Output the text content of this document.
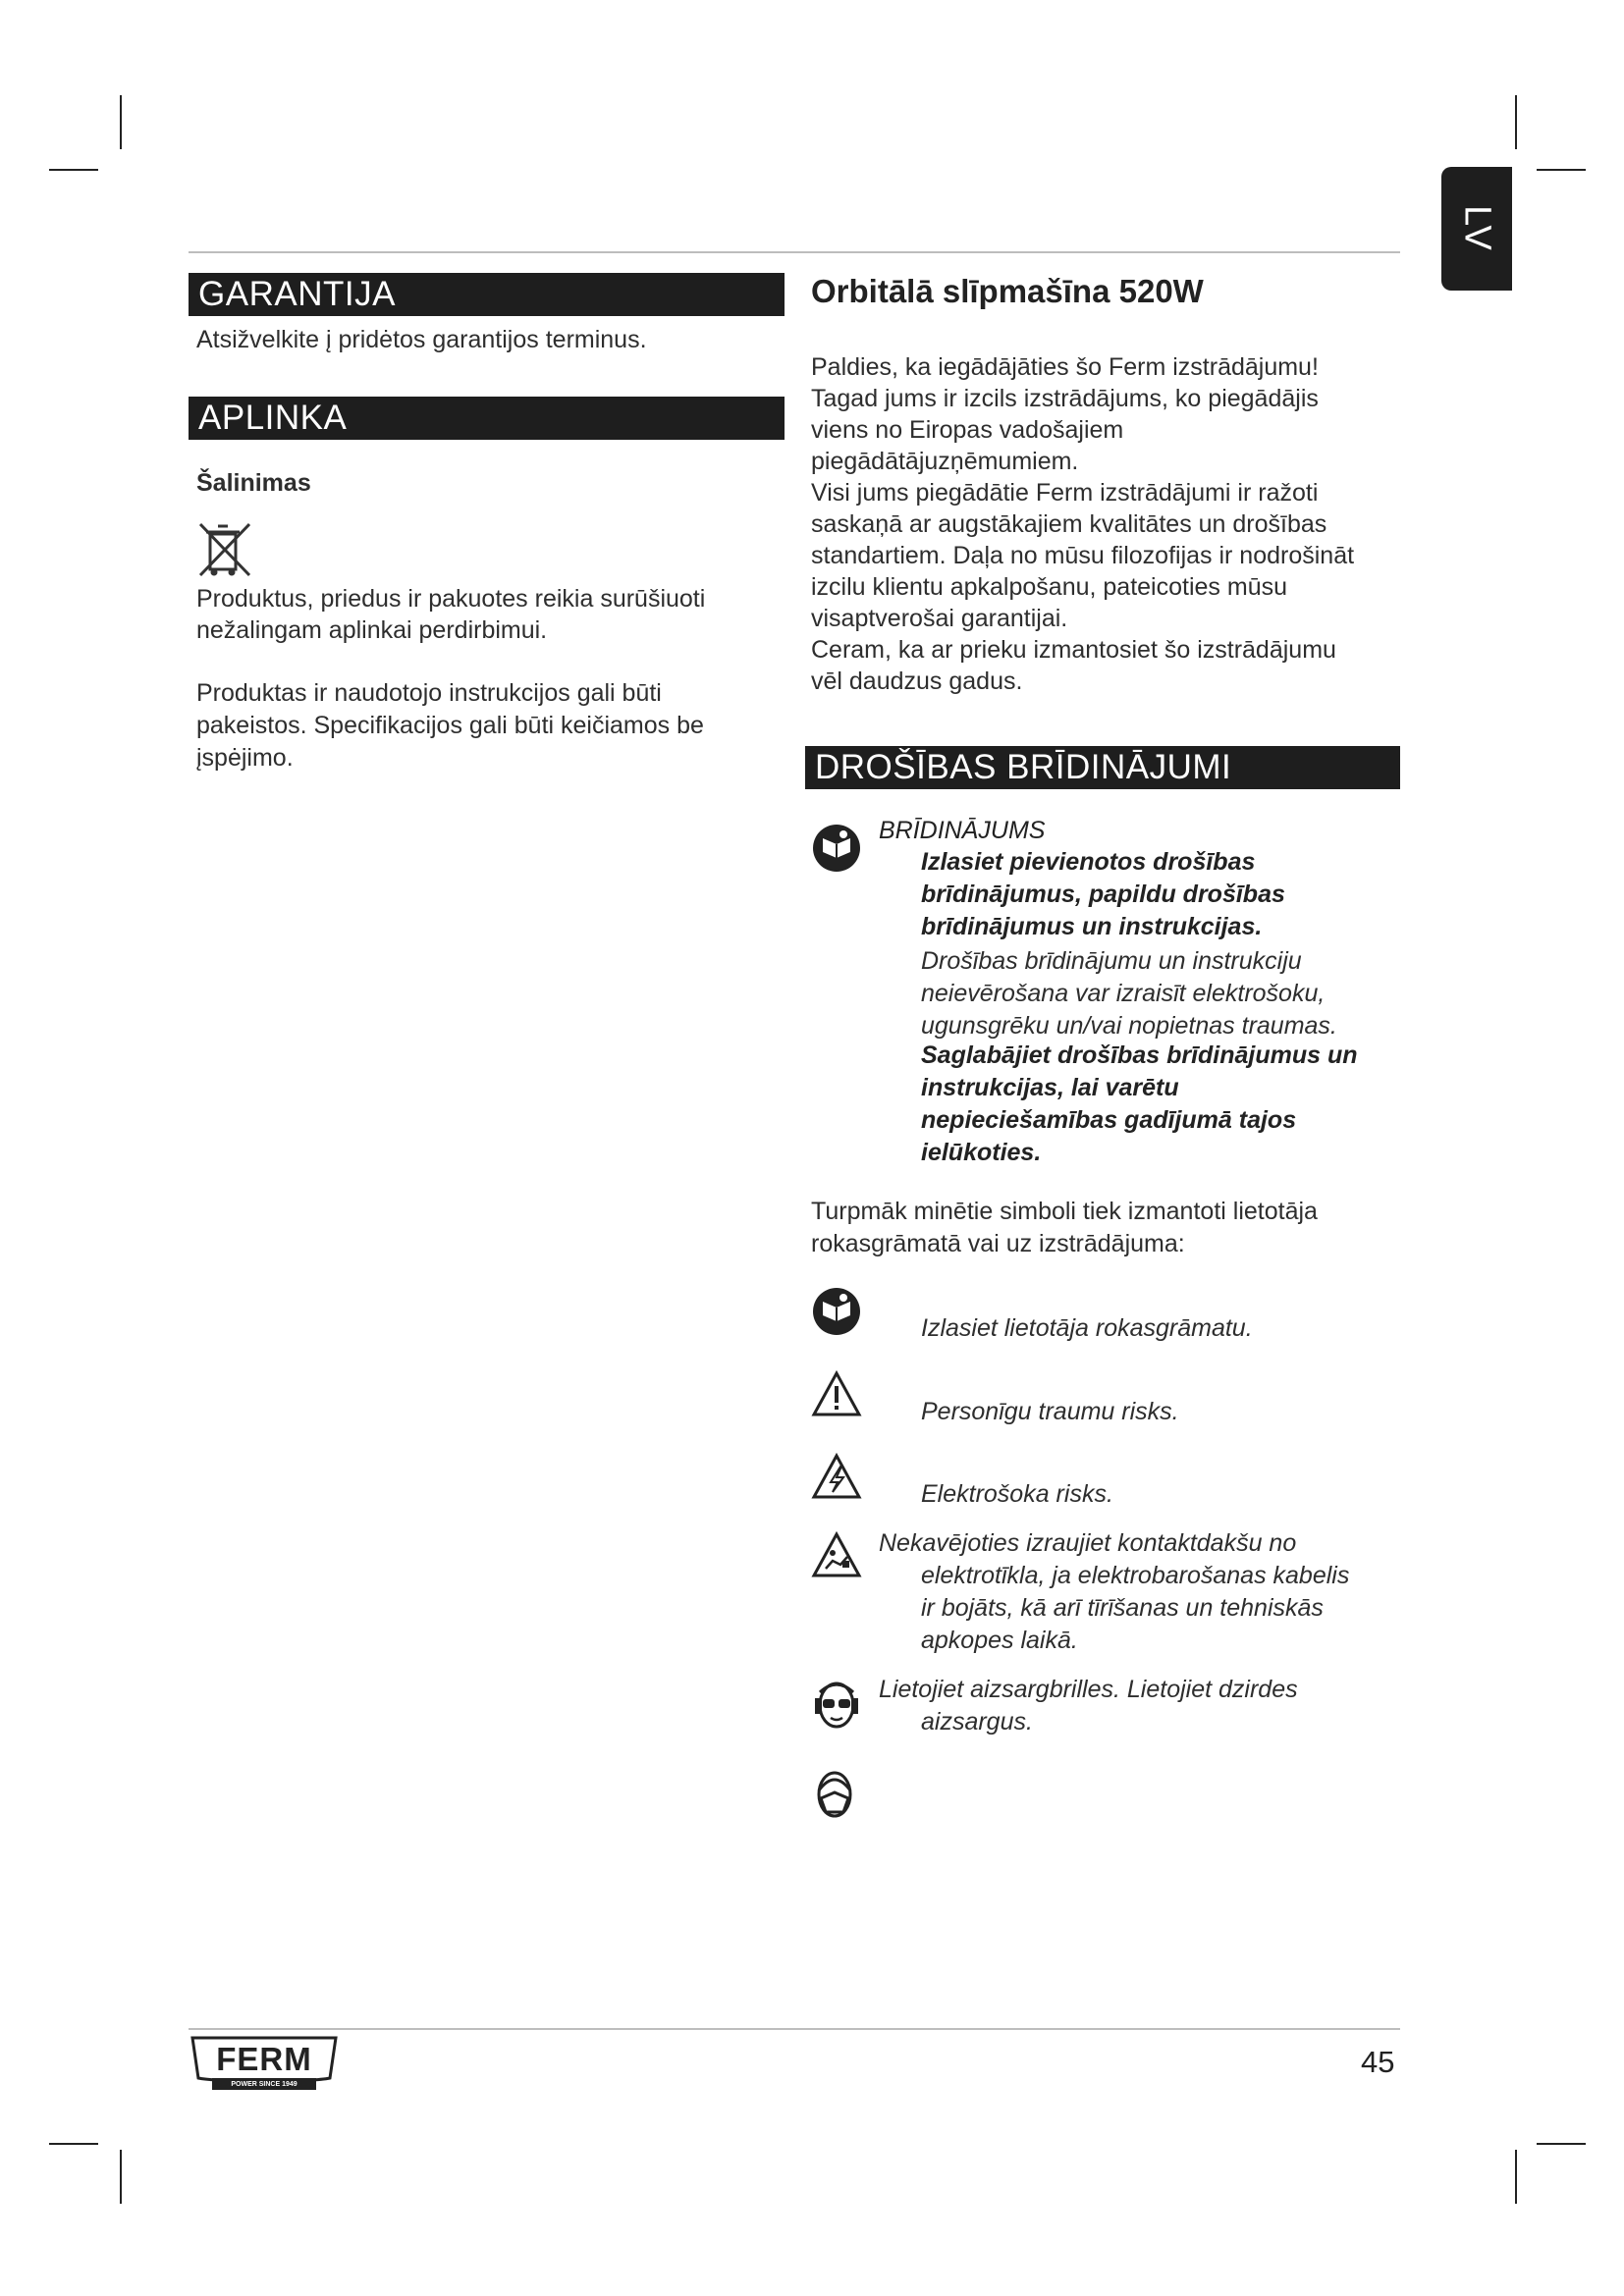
LV
GARANTIJA
Atsižvelkite į pridėtos garantijos terminus.
APLINKA
Šalinimas
Produktus, priedus ir pakuotes reikia surūšiuoti
nežalingam aplinkai perdirbimui.
Produktas ir naudotojo instrukcijos gali būti
pakeistos. Specifikacijos gali būti keičiamos be
įspėjimo.
Orbitālā slīpmašīna 520W
Paldies, ka iegādājāties šo Ferm izstrādājumu!
Tagad jums ir izcils izstrādājums, ko piegādājis
viens no Eiropas vadošajiem
piegādātājuzņēmumiem.
Visi jums piegādātie Ferm izstrādājumi ir ražoti
saskaņā ar augstākajiem kvalitātes un drošības
standartiem. Daļa no mūsu filozofijas ir nodrošināt
izcilu klientu apkalpošanu, pateicoties mūsu
visaptverošai garantijai.
Ceram, ka ar prieku izmantosiet šo izstrādājumu
vēl daudzus gadus.
DROŠĪBAS BRĪDINĀJUMI
BRĪDINĀJUMS
Izlasiet pievienotos drošības
brīdinājumus, papildu drošības
brīdinājumus un instrukcijas.
Drošības brīdinājumu un instrukciju
neievērošana var izraisīt elektrošoku,
ugunsgrēku un/vai nopietnas traumas.
Saglabājiet drošības brīdinājumus un
instrukcijas, lai varētu
nepieciešamības gadījumā tajos
ielūkoties.
Turpmāk minētie simboli tiek izmantoti lietotāja
rokasgrāmatā vai uz izstrādājuma:
Izlasiet lietotāja rokasgrāmatu.
Personīgu traumu risks.
Elektrošoka risks.
Nekavējoties izraujiet kontaktdakšu no
elektrotīkla, ja elektrobarošanas kabelis
ir bojāts, kā arī tīrīšanas un tehniskās
apkopes laikā.
Lietojiet aizsargbrilles. Lietojiet dzirdes
aizsargus.
FERM
POWER SINCE 1949
45
